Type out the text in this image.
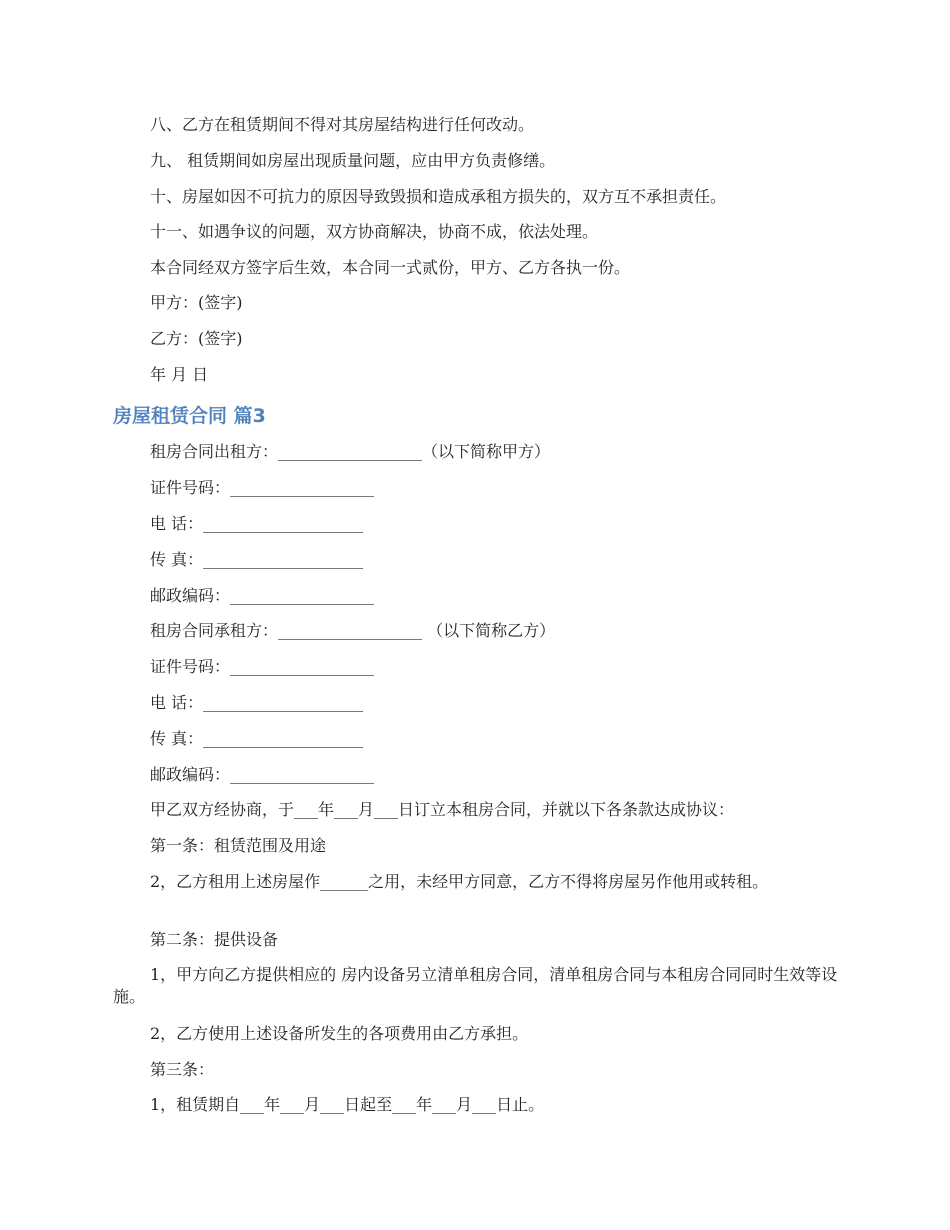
八、乙方在租赁期间不得对其房屋结构进行任何改动。
九、 租赁期间如房屋出现质量问题，应由甲方负责修缮。
十、房屋如因不可抗力的原因导致毁损和造成承租方损失的，双方互不承担责任。
十一、如遇争议的问题，双方协商解决，协商不成，依法处理。
本合同经双方签字后生效，本合同一式贰份，甲方、乙方各执一份。
甲方：(签字)
乙方：(签字)
年 月 日
房屋租赁合同 篇3
租房合同出租方：__________________（以下简称甲方）
证件号码：__________________
电 话：____________________
传 真：____________________
邮政编码：__________________
租房合同承租方：__________________ （以下简称乙方）
证件号码：__________________
电 话：____________________
传 真：____________________
邮政编码：__________________
甲乙双方经协商，于___年___月___日订立本租房合同，并就以下各条款达成协议：
第一条：租赁范围及用途
2，乙方租用上述房屋作______之用，未经甲方同意，乙方不得将房屋另作他用或转租。
第二条：提供设备
1，甲方向乙方提供相应的 房内设备另立清单租房合同，清单租房合同与本租房合同同时生效等设施。
2，乙方使用上述设备所发生的各项费用由乙方承担。
第三条：
1，租赁期自___年___月___日起至___年___月___日止。
